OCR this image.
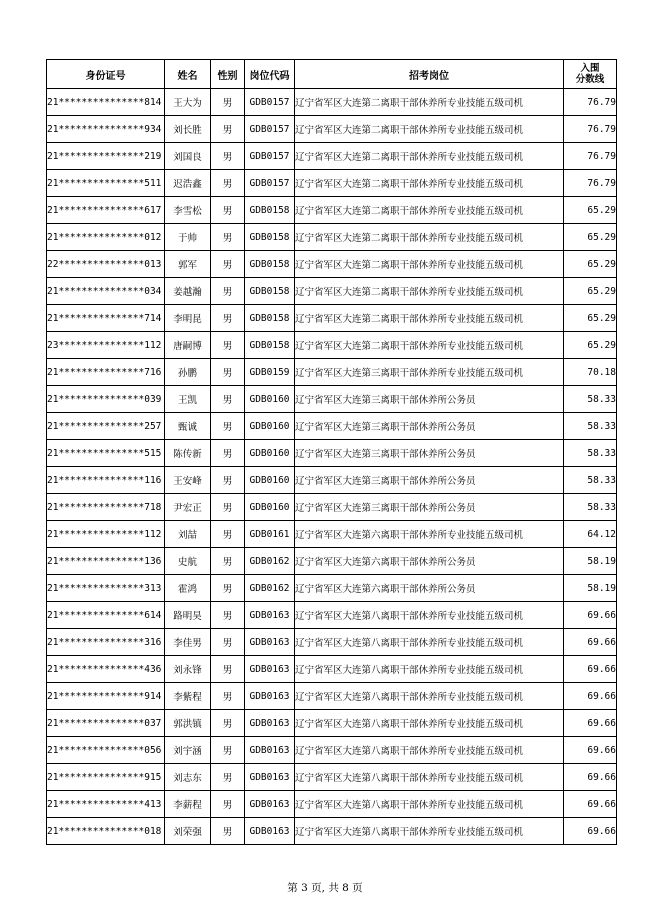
身份证号	姓名	性别	岗位代码	招考岗位	入围
分数线

21***************814	王大为	男	GDB0157	辽宁省军区大连第二离职干部休养所专业技能五级司机	76.79
21***************934	刘长胜	男	GDB0157	辽宁省军区大连第二离职干部休养所专业技能五级司机	76.79
21***************219	刘国良	男	GDB0157	辽宁省军区大连第二离职干部休养所专业技能五级司机	76.79
21***************511	迟浩鑫	男	GDB0157	辽宁省军区大连第二离职干部休养所专业技能五级司机	76.79
21***************617	李雪松	男	GDB0158	辽宁省军区大连第二离职干部休养所专业技能五级司机	65.29
21***************012	于帅	男	GDB0158	辽宁省军区大连第二离职干部休养所专业技能五级司机	65.29
22***************013	郭军	男	GDB0158	辽宁省军区大连第二离职干部休养所专业技能五级司机	65.29
21***************034	姜越瀚	男	GDB0158	辽宁省军区大连第二离职干部休养所专业技能五级司机	65.29
21***************714	李明昆	男	GDB0158	辽宁省军区大连第二离职干部休养所专业技能五级司机	65.29
23***************112	唐嗣博	男	GDB0158	辽宁省军区大连第二离职干部休养所专业技能五级司机	65.29
21***************716	孙鹏	男	GDB0159	辽宁省军区大连第三离职干部休养所专业技能五级司机	70.18
21***************039	王凯	男	GDB0160	辽宁省军区大连第三离职干部休养所公务员	58.33
21***************257	甄诚	男	GDB0160	辽宁省军区大连第三离职干部休养所公务员	58.33
21***************515	陈传新	男	GDB0160	辽宁省军区大连第三离职干部休养所公务员	58.33
21***************116	王安峰	男	GDB0160	辽宁省军区大连第三离职干部休养所公务员	58.33
21***************718	尹宏正	男	GDB0160	辽宁省军区大连第三离职干部休养所公务员	58.33
21***************112	刘喆	男	GDB0161	辽宁省军区大连第六离职干部休养所专业技能五级司机	64.12
21***************136	史航	男	GDB0162	辽宁省军区大连第六离职干部休养所公务员	58.19
21***************313	霍鸿	男	GDB0162	辽宁省军区大连第六离职干部休养所公务员	58.19
21***************614	路明昊	男	GDB0163	辽宁省军区大连第八离职干部休养所专业技能五级司机	69.66
21***************316	李佳男	男	GDB0163	辽宁省军区大连第八离职干部休养所专业技能五级司机	69.66
21***************436	刘永锋	男	GDB0163	辽宁省军区大连第八离职干部休养所专业技能五级司机	69.66
21***************914	李紫程	男	GDB0163	辽宁省军区大连第八离职干部休养所专业技能五级司机	69.66
21***************037	郭洪镇	男	GDB0163	辽宁省军区大连第八离职干部休养所专业技能五级司机	69.66
21***************056	刘宇涵	男	GDB0163	辽宁省军区大连第八离职干部休养所专业技能五级司机	69.66
21***************915	刘志东	男	GDB0163	辽宁省军区大连第八离职干部休养所专业技能五级司机	69.66
21***************413	李薪程	男	GDB0163	辽宁省军区大连第八离职干部休养所专业技能五级司机	69.66
21***************018	刘荣强	男	GDB0163	辽宁省军区大连第八离职干部休养所专业技能五级司机	69.66
第 3 页, 共 8 页
